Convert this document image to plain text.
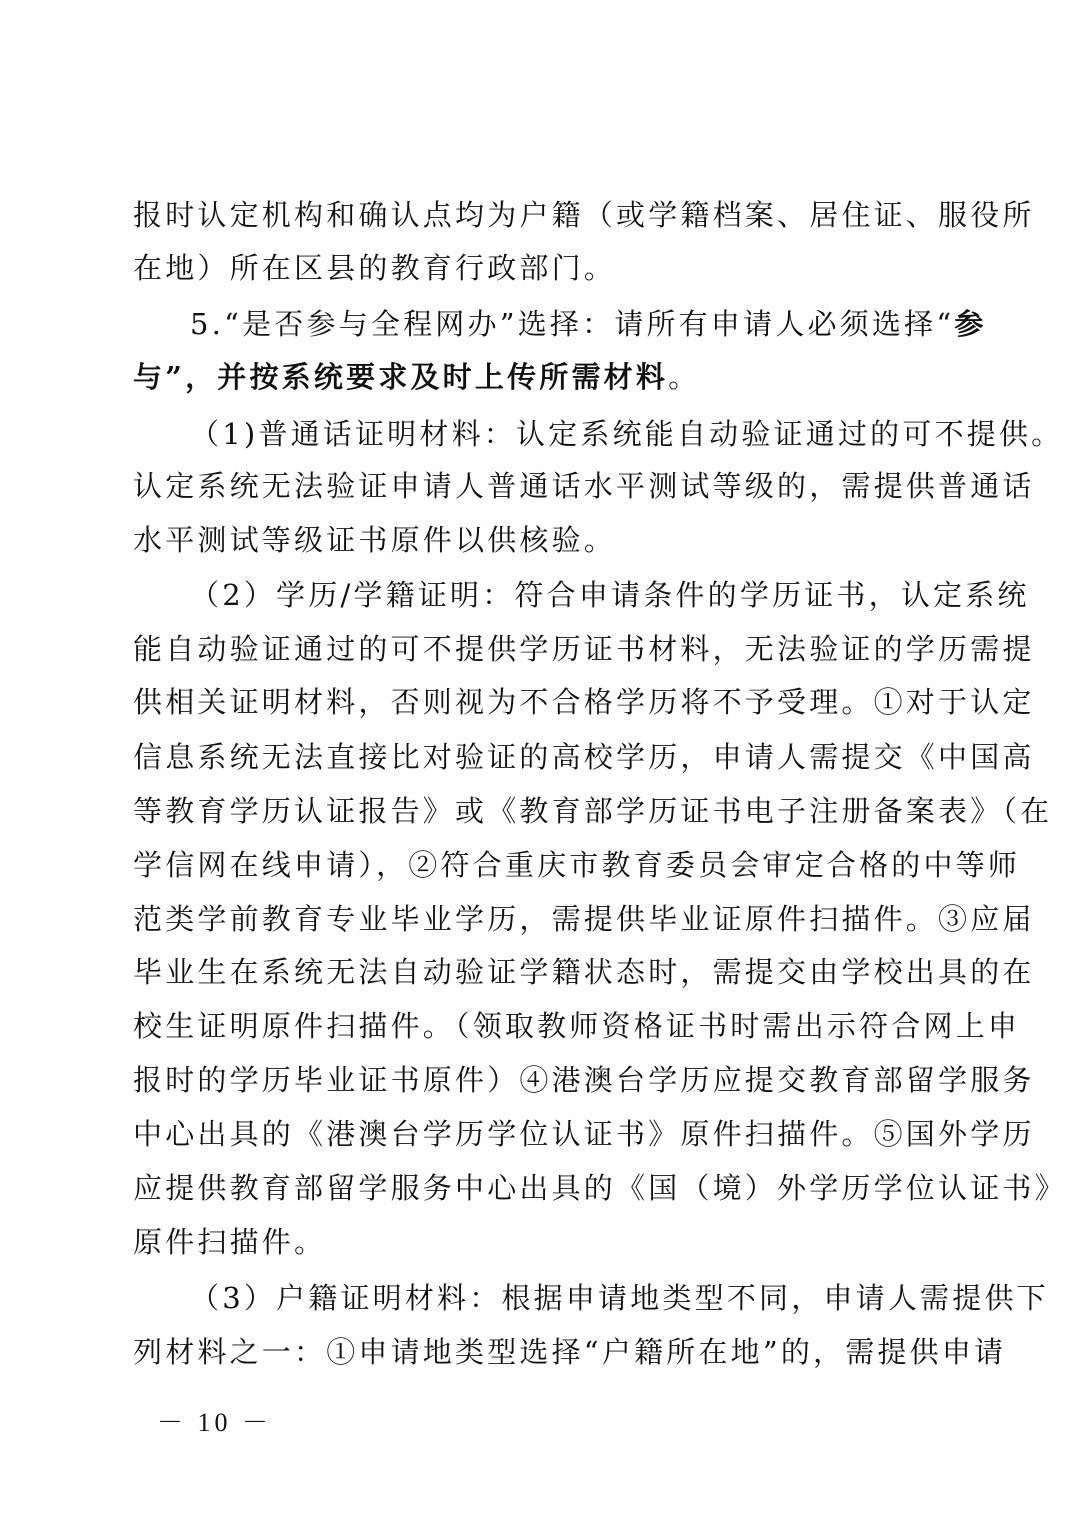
报时认定机构和确认点均为户籍（或学籍档案、居住证、服役所
在地）所在区县的教育行政部门。
5.“是否参与全程网办”选择：请所有申请人必须选择“参
与”，并按系统要求及时上传所需材料。
（1)普通话证明材料：认定系统能自动验证通过的可不提供。
认定系统无法验证申请人普通话水平测试等级的，需提供普通话
水平测试等级证书原件以供核验。
（2）学历/学籍证明：符合申请条件的学历证书，认定系统
能自动验证通过的可不提供学历证书材料，无法验证的学历需提
供相关证明材料，否则视为不合格学历将不予受理。①对于认定
信息系统无法直接比对验证的高校学历，申请人需提交《中国高
等教育学历认证报告》或《教育部学历证书电子注册备案表》（在
学信网在线申请），②符合重庆市教育委员会审定合格的中等师
范类学前教育专业毕业学历，需提供毕业证原件扫描件。③应届
毕业生在系统无法自动验证学籍状态时，需提交由学校出具的在
校生证明原件扫描件。（领取教师资格证书时需出示符合网上申
报时的学历毕业证书原件）④港澳台学历应提交教育部留学服务
中心出具的《港澳台学历学位认证书》原件扫描件。⑤国外学历
应提供教育部留学服务中心出具的《国（境）外学历学位认证书》
原件扫描件。
（3）户籍证明材料：根据申请地类型不同，申请人需提供下
列材料之一：①申请地类型选择“户籍所在地”的，需提供申请
－ 10 －
